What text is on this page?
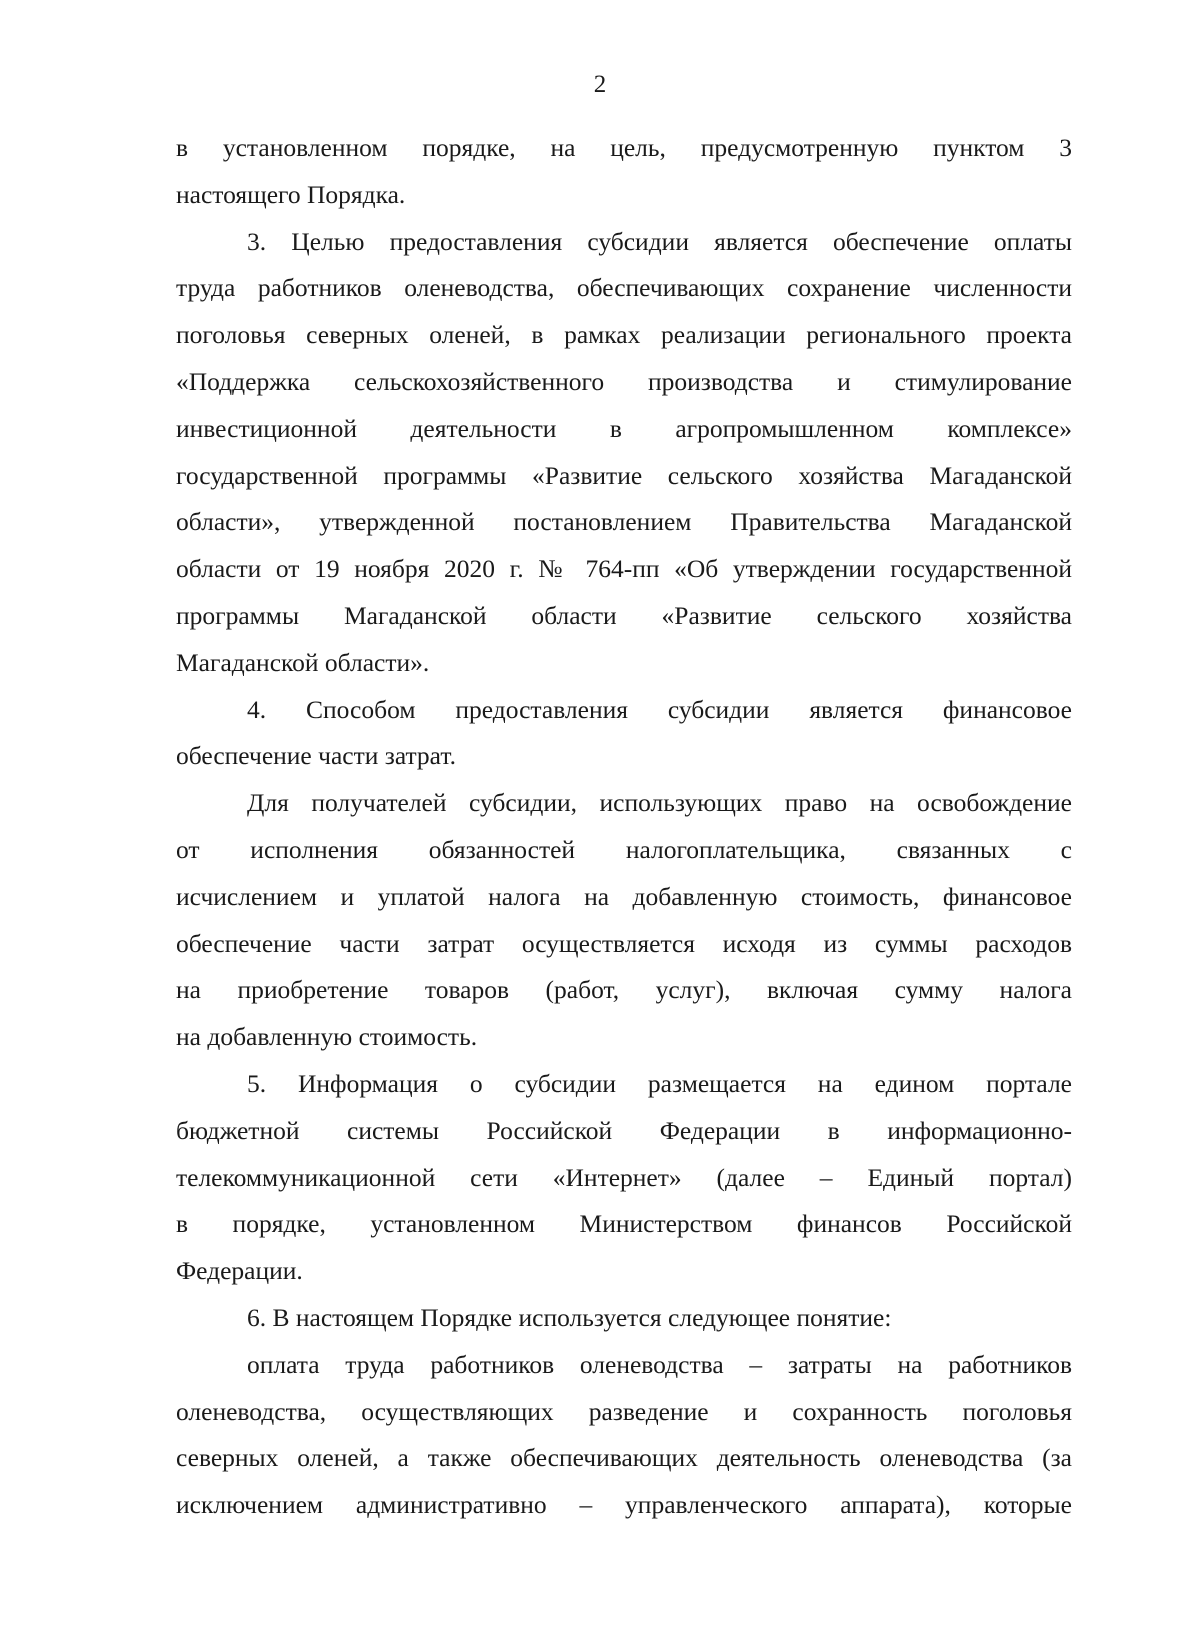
2
в установленном порядке, на цель, предусмотренную пунктом 3
настоящего Порядка.
3. Целью предоставления субсидии является обеспечение оплаты
труда работников оленеводства, обеспечивающих сохранение численности
поголовья северных оленей, в рамках реализации регионального проекта
«Поддержка сельскохозяйственного производства и стимулирование
инвестиционной деятельности в агропромышленном комплексе»
государственной программы «Развитие сельского хозяйства Магаданской
области», утвержденной постановлением Правительства Магаданской
области от 19 ноября 2020 г. № 764-пп «Об утверждении государственной
программы Магаданской области «Развитие сельского хозяйства
Магаданской области».
4. Способом предоставления субсидии является финансовое
обеспечение части затрат.
Для получателей субсидии, использующих право на освобождение
от исполнения обязанностей налогоплательщика, связанных с
исчислением и уплатой налога на добавленную стоимость, финансовое
обеспечение части затрат осуществляется исходя из суммы расходов
на приобретение товаров (работ, услуг), включая сумму налога
на добавленную стоимость.
5. Информация о субсидии размещается на едином портале
бюджетной системы Российской Федерации в информационно-
телекоммуникационной сети «Интернет» (далее – Единый портал)
в порядке, установленном Министерством финансов Российской
Федерации.
6. В настоящем Порядке используется следующее понятие:
оплата труда работников оленеводства – затраты на работников
оленеводства, осуществляющих разведение и сохранность поголовья
северных оленей, а также обеспечивающих деятельность оленеводства (за
исключением административно – управленческого аппарата), которые
